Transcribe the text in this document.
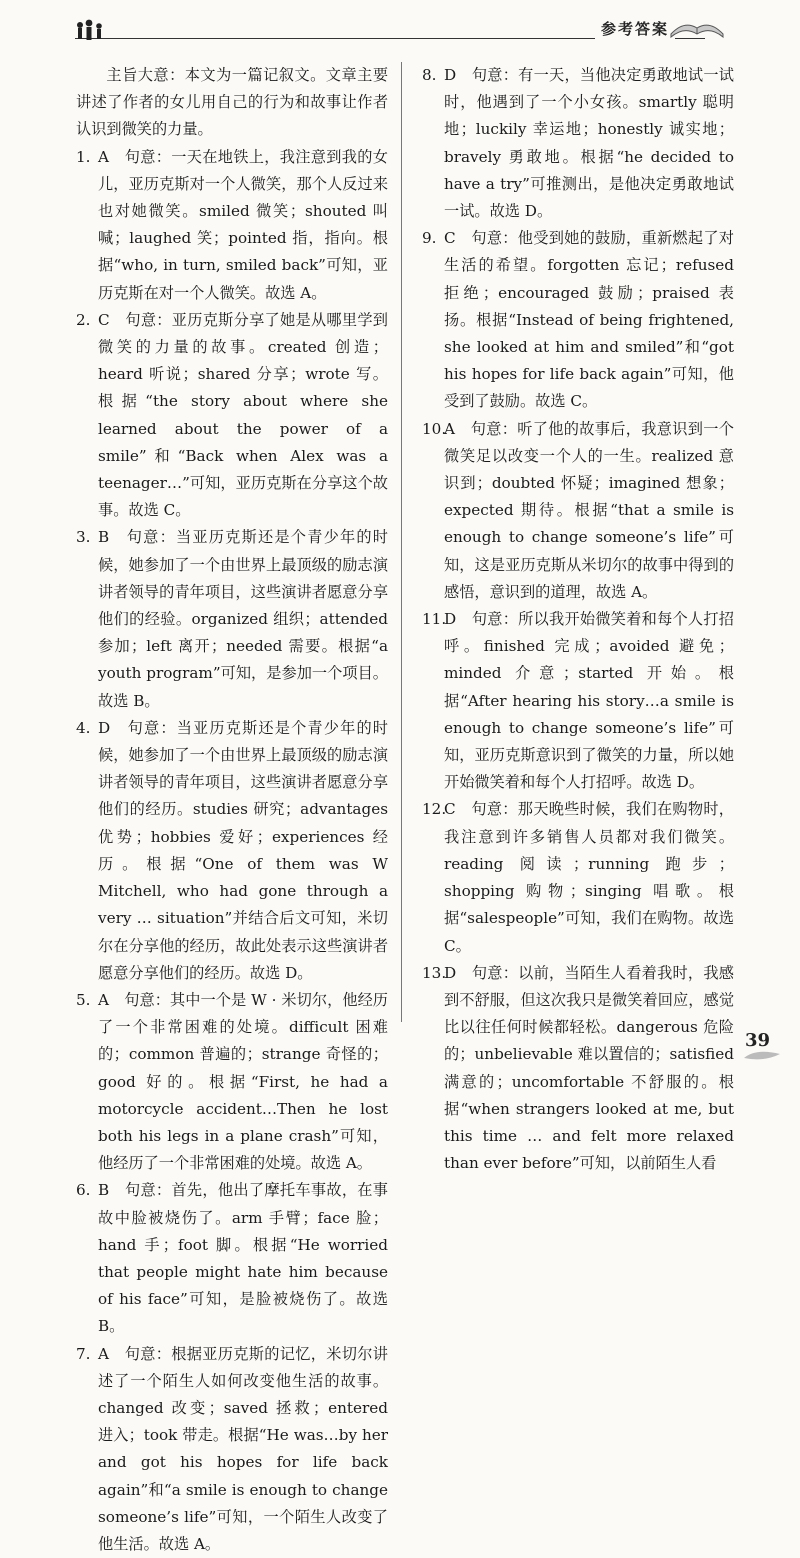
参考答案

主旨大意：本文为一篇记叙文。文章主要讲述了作者的女儿用自己的行为和故事让作者认识到微笑的力量。

1. A　句意：一天在地铁上，我注意到我的女儿，亚历克斯对一个人微笑，那个人反过来也对她微笑。smiled 微笑；shouted 叫喊；laughed 笑；pointed 指，指向。根据“who, in turn, smiled back”可知，亚历克斯在对一个人微笑。故选 A。

2. C　句意：亚历克斯分享了她是从哪里学到微笑的力量的故事。created 创造；heard 听说；shared 分享；wrote 写。根据“the story about where she learned about the power of a smile”和“Back when Alex was a teenager…”可知，亚历克斯在分享这个故事。故选 C。

3. B　句意：当亚历克斯还是个青少年的时候，她参加了一个由世界上最顶级的励志演讲者领导的青年项目，这些演讲者愿意分享他们的经验。organized 组织；attended 参加；left 离开；needed 需要。根据“a youth program”可知，是参加一个项目。故选 B。

4. D　句意：当亚历克斯还是个青少年的时候，她参加了一个由世界上最顶级的励志演讲者领导的青年项目，这些演讲者愿意分享他们的经历。studies 研究；advantages 优势；hobbies 爱好；experiences 经历。根据“One of them was W Mitchell, who had gone through a very … situation”并结合后文可知，米切尔在分享他的经历，故此处表示这些演讲者愿意分享他们的经历。故选 D。

5. A　句意：其中一个是 W · 米切尔，他经历了一个非常困难的处境。difficult 困难的；common 普遍的；strange 奇怪的；good 好的。根据“First, he had a motorcycle accident…Then he lost both his legs in a plane crash”可知，他经历了一个非常困难的处境。故选 A。

6. B　句意：首先，他出了摩托车事故，在事故中脸被烧伤了。arm 手臂；face 脸；hand 手；foot 脚。根据“He worried that people might hate him because of his face”可知，是脸被烧伤了。故选 B。

7. A　句意：根据亚历克斯的记忆，米切尔讲述了一个陌生人如何改变他生活的故事。changed 改变；saved 拯救；entered 进入；took 带走。根据“He was…by her and got his hopes for life back again”和“a smile is enough to change someone’s life”可知，一个陌生人改变了他生活。故选 A。

8. D　句意：有一天，当他决定勇敢地试一试时，他遇到了一个小女孩。smartly 聪明地；luckily 幸运地；honestly 诚实地；bravely 勇敢地。根据“he decided to have a try”可推测出，是他决定勇敢地试一试。故选 D。

9. C　句意：他受到她的鼓励，重新燃起了对生活的希望。forgotten 忘记；refused 拒绝；encouraged 鼓励；praised 表扬。根据“Instead of being frightened, she looked at him and smiled”和“got his hopes for life back again”可知，他受到了鼓励。故选 C。

10.A　句意：听了他的故事后，我意识到一个微笑足以改变一个人的一生。realized 意识到；doubted 怀疑；imagined 想象；expected 期待。根据“that a smile is enough to change someone’s life”可知，这是亚历克斯从米切尔的故事中得到的感悟，意识到的道理，故选 A。

11.D　句意：所以我开始微笑着和每个人打招呼。finished 完成；avoided 避免；minded 介意；started 开始。根据“After hearing his story…a smile is enough to change someone’s life”可知，亚历克斯意识到了微笑的力量，所以她开始微笑着和每个人打招呼。故选 D。

12.C　句意：那天晚些时候，我们在购物时，我注意到许多销售人员都对我们微笑。reading 阅读；running 跑步；shopping 购物；singing 唱歌。根据“salespeople”可知，我们在购物。故选 C。

13.D　句意：以前，当陌生人看着我时，我感到不舒服，但这次我只是微笑着回应，感觉比以往任何时候都轻松。dangerous 危险的；unbelievable 难以置信的；satisfied 满意的；uncomfortable 不舒服的。根据“when strangers looked at me, but this time … and felt more relaxed than ever before”可知，以前陌生人看

39
